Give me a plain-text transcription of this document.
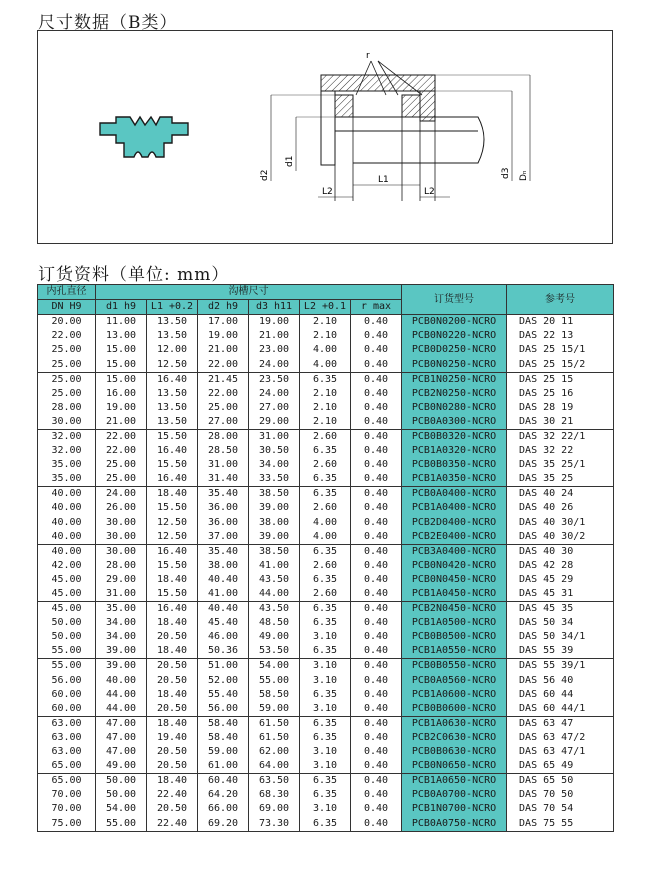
尺寸数据（B类）
r
d2
d1
d3 Dₙ
L1
L2	L2
订货资料（单位: mm）
内孔直径	沟槽尺寸						订货型号	参考号
DN H9	d1 h9	L1 +0.2	d2 h9	d3 h11	L2 +0.1	r max		
20.00	11.00	13.50	17.00	19.00	2.10	0.40	PCB0N0200-NCRO	DAS 20 11
22.00	13.00	13.50	19.00	21.00	2.10	0.40	PCB0N0220-NCRO	DAS 22 13
25.00	15.00	12.00	21.00	23.00	4.00	0.40	PCB0D0250-NCRO	DAS 25 15/1
25.00	15.00	12.50	22.00	24.00	4.00	0.40	PCB0N0250-NCRO	DAS 25 15/2
25.00	15.00	16.40	21.45	23.50	6.35	0.40	PCB1N0250-NCRO	DAS 25 15
25.00	16.00	13.50	22.00	24.00	2.10	0.40	PCB2N0250-NCRO	DAS 25 16
28.00	19.00	13.50	25.00	27.00	2.10	0.40	PCB0N0280-NCRO	DAS 28 19
30.00	21.00	13.50	27.00	29.00	2.10	0.40	PCB0A0300-NCRO	DAS 30 21
32.00	22.00	15.50	28.00	31.00	2.60	0.40	PCB0B0320-NCRO	DAS 32 22/1
32.00	22.00	16.40	28.50	30.50	6.35	0.40	PCB1A0320-NCRO	DAS 32 22
35.00	25.00	15.50	31.00	34.00	2.60	0.40	PCB0B0350-NCRO	DAS 35 25/1
35.00	25.00	16.40	31.40	33.50	6.35	0.40	PCB1A0350-NCRO	DAS 35 25
40.00	24.00	18.40	35.40	38.50	6.35	0.40	PCB0A0400-NCRO	DAS 40 24
40.00	26.00	15.50	36.00	39.00	2.60	0.40	PCB1A0400-NCRO	DAS 40 26
40.00	30.00	12.50	36.00	38.00	4.00	0.40	PCB2D0400-NCRO	DAS 40 30/1
40.00	30.00	12.50	37.00	39.00	4.00	0.40	PCB2E0400-NCRO	DAS 40 30/2
40.00	30.00	16.40	35.40	38.50	6.35	0.40	PCB3A0400-NCRO	DAS 40 30
42.00	28.00	15.50	38.00	41.00	2.60	0.40	PCB0N0420-NCRO	DAS 42 28
45.00	29.00	18.40	40.40	43.50	6.35	0.40	PCB0N0450-NCRO	DAS 45 29
45.00	31.00	15.50	41.00	44.00	2.60	0.40	PCB1A0450-NCRO	DAS 45 31
45.00	35.00	16.40	40.40	43.50	6.35	0.40	PCB2N0450-NCRO	DAS 45 35
50.00	34.00	18.40	45.40	48.50	6.35	0.40	PCB1A0500-NCRO	DAS 50 34
50.00	34.00	20.50	46.00	49.00	3.10	0.40	PCB0B0500-NCRO	DAS 50 34/1
55.00	39.00	18.40	50.36	53.50	6.35	0.40	PCB1A0550-NCRO	DAS 55 39
55.00	39.00	20.50	51.00	54.00	3.10	0.40	PCB0B0550-NCRO	DAS 55 39/1
56.00	40.00	20.50	52.00	55.00	3.10	0.40	PCB0A0560-NCRO	DAS 56 40
60.00	44.00	18.40	55.40	58.50	6.35	0.40	PCB1A0600-NCRO	DAS 60 44
60.00	44.00	20.50	56.00	59.00	3.10	0.40	PCB0B0600-NCRO	DAS 60 44/1
63.00	47.00	18.40	58.40	61.50	6.35	0.40	PCB1A0630-NCRO	DAS 63 47
63.00	47.00	19.40	58.40	61.50	6.35	0.40	PCB2C0630-NCRO	DAS 63 47/2
63.00	47.00	20.50	59.00	62.00	3.10	0.40	PCB0B0630-NCRO	DAS 63 47/1
65.00	49.00	20.50	61.00	64.00	3.10	0.40	PCB0N0650-NCRO	DAS 65 49
65.00	50.00	18.40	60.40	63.50	6.35	0.40	PCB1A0650-NCRO	DAS 65 50
70.00	50.00	22.40	64.20	68.30	6.35	0.40	PCB0A0700-NCRO	DAS 70 50
70.00	54.00	20.50	66.00	69.00	3.10	0.40	PCB1N0700-NCRO	DAS 70 54
75.00	55.00	22.40	69.20	73.30	6.35	0.40	PCB0A0750-NCRO	DAS 75 55
